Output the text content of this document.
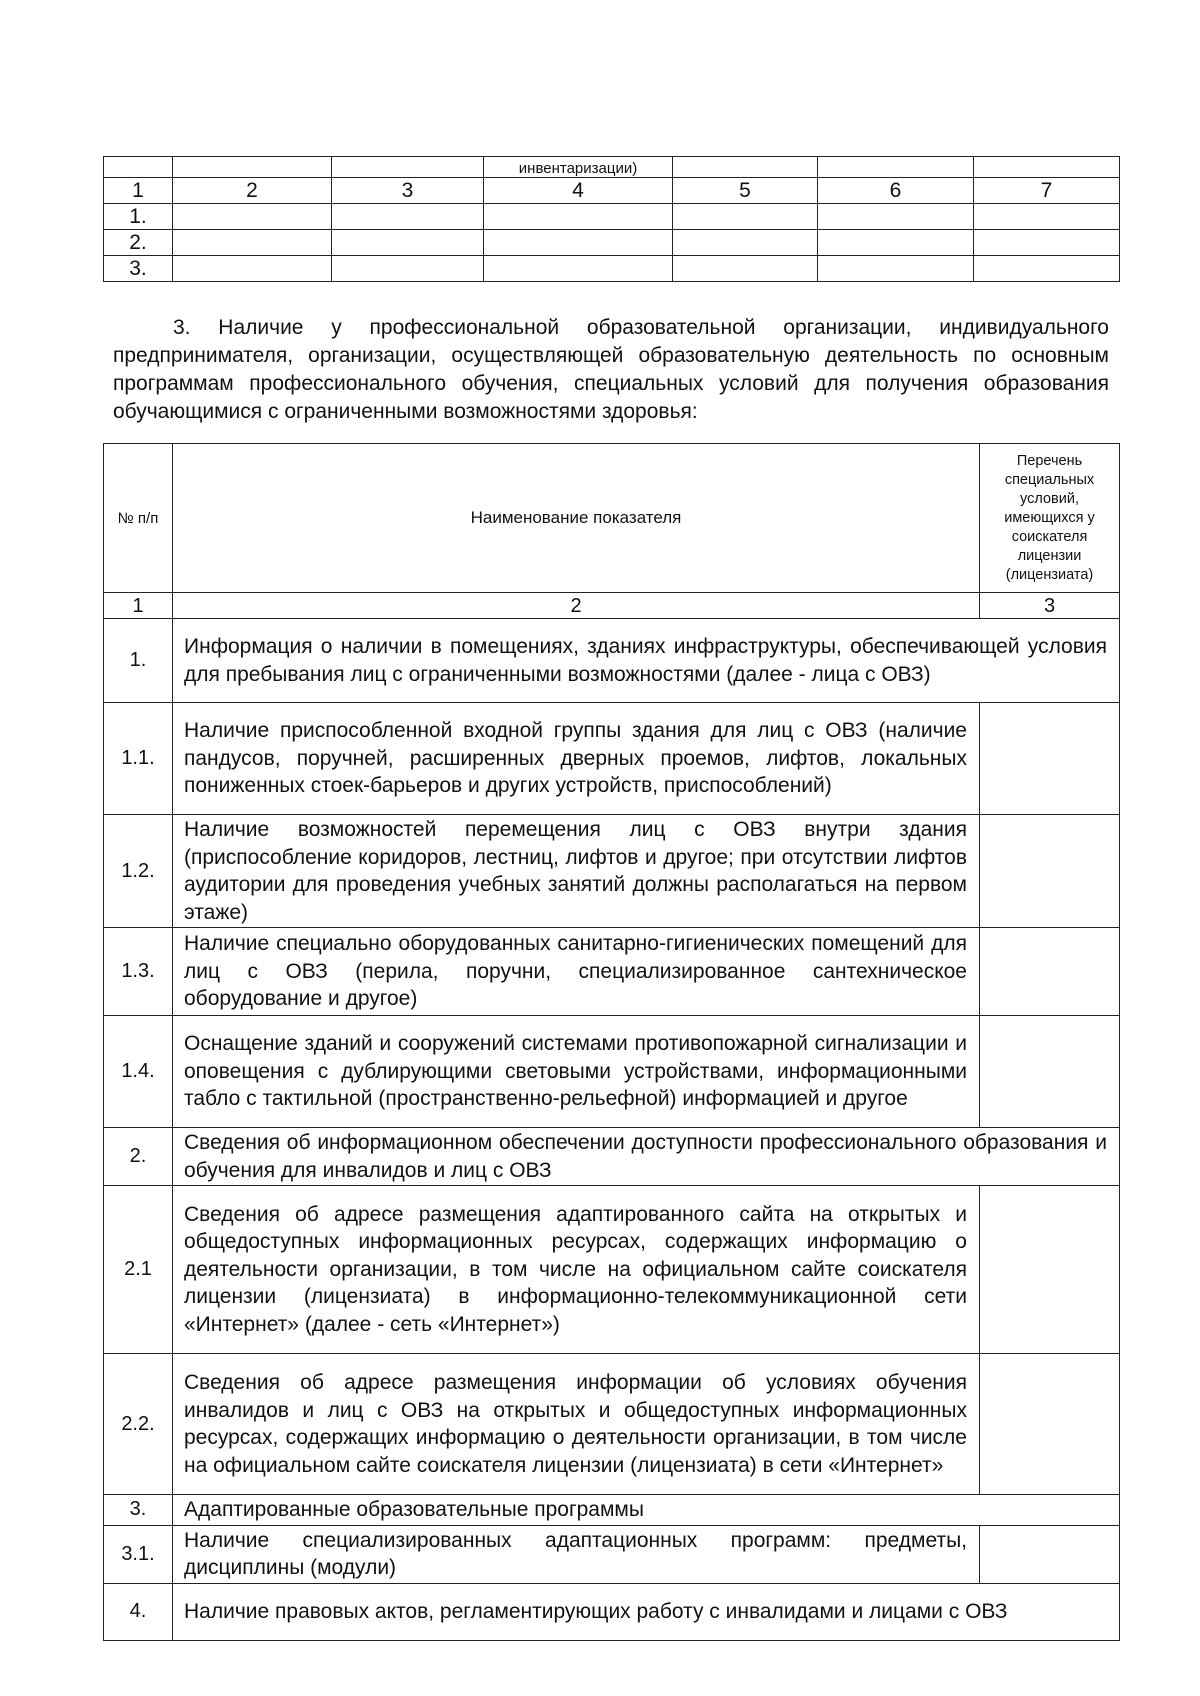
			инвентаризации)			
1	2	3	4	5	6	7
1.						
2.						
3.						
3. Наличие у профессиональной образовательной организации, индивидуального предпринимателя, организации, осуществляющей образовательную деятельность по основным программам профессионального обучения, специальных условий для получения образования обучающимися с ограниченными возможностями здоровья:
№ п/п	Наименование показателя	Перечень специальных условий, имеющихся у соискателя лицензии (лицензиата)
1	2	3
1.	Информация о наличии в помещениях, зданиях инфраструктуры, обеспечивающей условия для пребывания лиц с ограниченными возможностями (далее - лица с ОВЗ)	
1.1.	Наличие приспособленной входной группы здания для лиц с ОВЗ (наличие пандусов, поручней, расширенных дверных проемов, лифтов, локальных пониженных стоек-барьеров и других устройств, приспособлений)	
1.2.	Наличие возможностей перемещения лиц с ОВЗ внутри здания (приспособление коридоров, лестниц, лифтов и другое; при отсутствии лифтов аудитории для проведения учебных занятий должны располагаться на первом этаже)	
1.3.	Наличие специально оборудованных санитарно-гигиенических помещений для лиц с ОВЗ (перила, поручни, специализированное сантехническое оборудование и другое)	
1.4.	Оснащение зданий и сооружений системами противопожарной сигнализации и оповещения с дублирующими световыми устройствами, информационными табло с тактильной (пространственно-рельефной) информацией и другое	
2.	Сведения об информационном обеспечении доступности профессионального образования и обучения для инвалидов и лиц с ОВЗ	
2.1	Сведения об адресе размещения адаптированного сайта на открытых и общедоступных информационных ресурсах, содержащих информацию о деятельности организации, в том числе на официальном сайте соискателя лицензии (лицензиата) в информационно-телекоммуникационной сети «Интернет» (далее - сеть «Интернет»)	
2.2.	Сведения об адресе размещения информации об условиях обучения инвалидов и лиц с ОВЗ на открытых и общедоступных информационных ресурсах, содержащих информацию о деятельности организации, в том числе на официальном сайте соискателя лицензии (лицензиата) в сети «Интернет»	
3.	Адаптированные образовательные программы	
3.1.	Наличие специализированных адаптационных программ: предметы, дисциплины (модули)	
4.	Наличие правовых актов, регламентирующих работу с инвалидами и лицами с ОВЗ	
